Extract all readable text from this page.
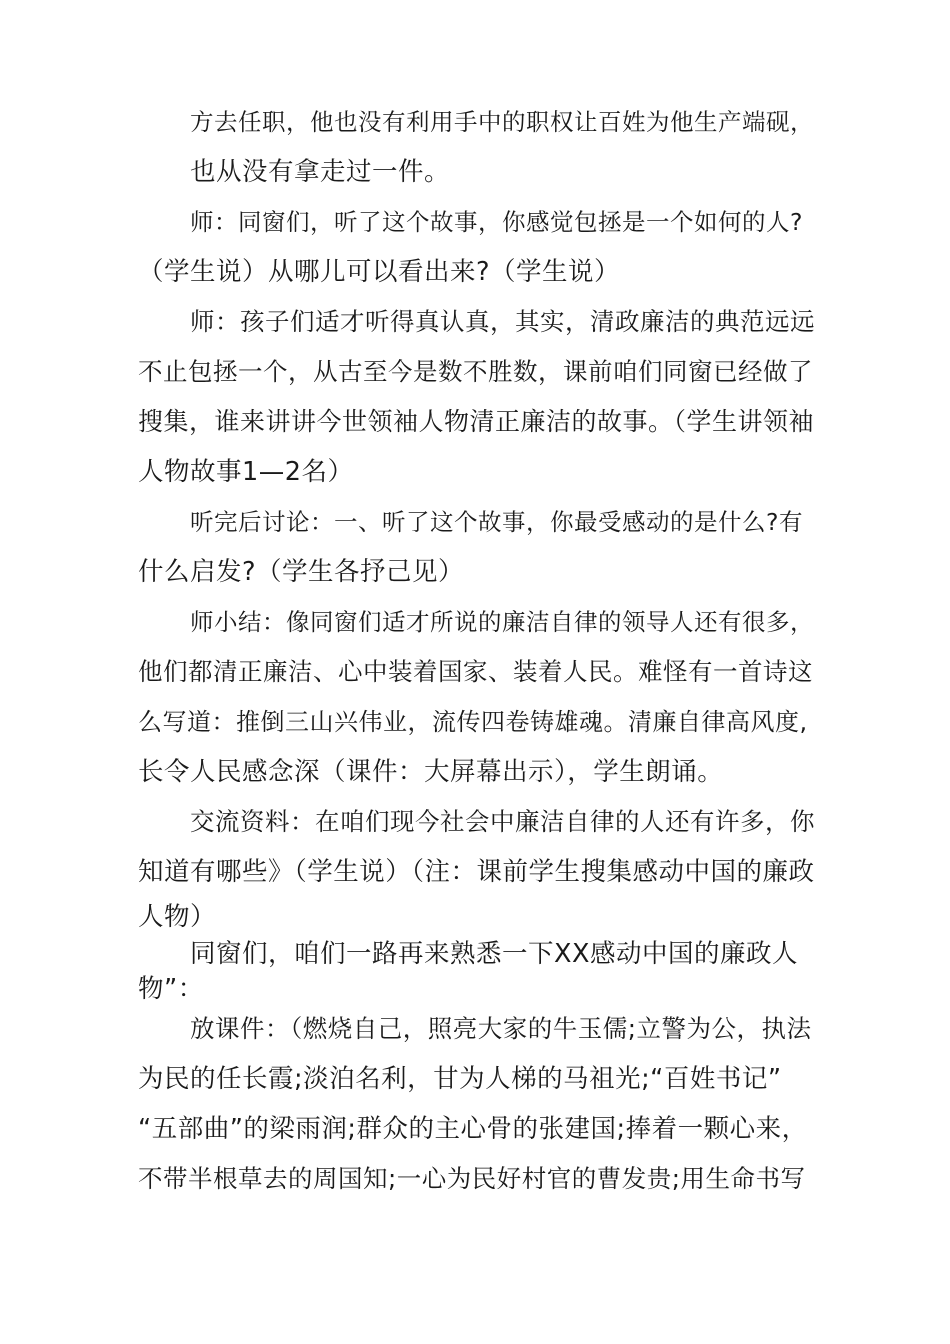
方去任职，他也没有利用手中的职权让百姓为他生产端砚，
也从没有拿走过一件。
师：同窗们，听了这个故事，你感觉包拯是一个如何的人?
（学生说）从哪儿可以看出来?（学生说）
师：孩子们适才听得真认真，其实，清政廉洁的典范远远
不止包拯一个，从古至今是数不胜数，课前咱们同窗已经做了
搜集，谁来讲讲今世领袖人物清正廉洁的故事。（学生讲领袖
人物故事1—2名）
听完后讨论：一、听了这个故事，你最受感动的是什么?有
什么启发?（学生各抒己见）
师小结：像同窗们适才所说的廉洁自律的领导人还有很多，
他们都清正廉洁、心中装着国家、装着人民。难怪有一首诗这
么写道：推倒三山兴伟业，流传四卷铸雄魂。清廉自律高风度,
长令人民感念深（课件：大屏幕出示），学生朗诵。
交流资料：在咱们现今社会中廉洁自律的人还有许多，你
知道有哪些》（学生说）（注：课前学生搜集感动中国的廉政
人物）
同窗们，咱们一路再来熟悉一下XX感动中国的廉政人
物”：
放课件：（燃烧自己，照亮大家的牛玉儒;立警为公，执法
为民的任长霞;淡泊名利，甘为人梯的马祖光;“百姓书记”
“五部曲”的梁雨润;群众的主心骨的张建国;捧着一颗心来，
不带半根草去的周国知;一心为民好村官的曹发贵;用生命书写
